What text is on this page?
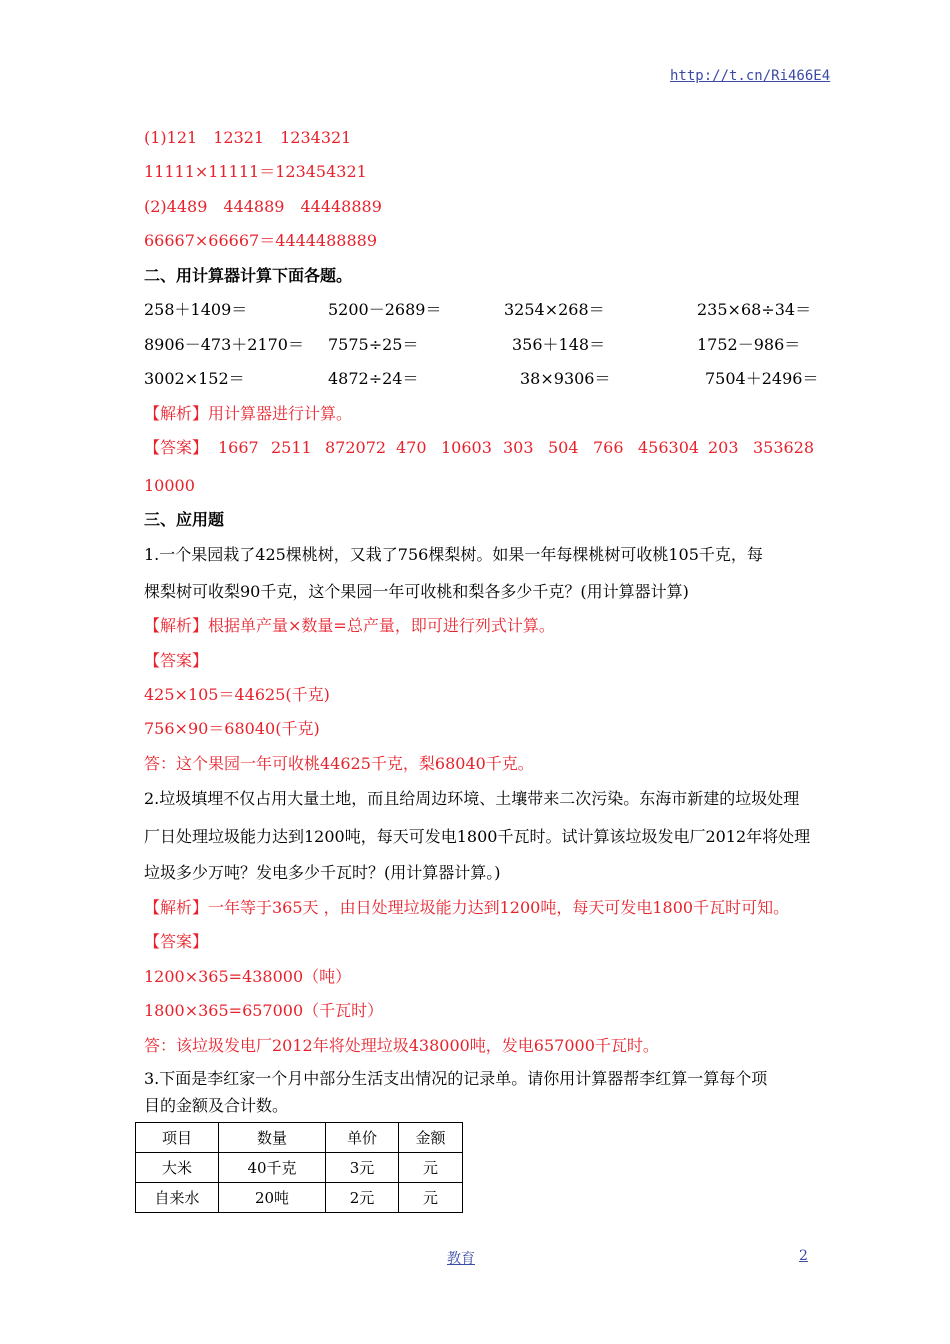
http://t.cn/Ri466E4
(1)121　12321　1234321
11111×11111＝123454321
(2)4489　444889　44448889
66667×66667＝4444488889
二、用计算器计算下面各题。
258＋1409＝	5200－2689＝	3254×268＝	235×68÷34＝
8906－473＋2170＝ 7575÷25＝	356＋148＝	1752－986＝
3002×152＝	4872÷24＝	38×9306＝	7504＋2496＝
【解析】用计算器进行计算。
【答案】 1667 2511 872072 470 10603 303 504 766 456304 203 353628
10000
三、应用题
1.一个果园栽了425棵桃树，又栽了756棵梨树。如果一年每棵桃树可收桃105千克，每
棵梨树可收梨90千克，这个果园一年可收桃和梨各多少千克？(用计算器计算)
【解析】根据单产量×数量=总产量，即可进行列式计算。
【答案】
425×105＝44625(千克)
756×90＝68040(千克)
答：这个果园一年可收桃44625千克，梨68040千克。
2.垃圾填埋不仅占用大量土地，而且给周边环境、土壤带来二次污染。东海市新建的垃圾处理
厂日处理垃圾能力达到1200吨，每天可发电1800千瓦时。试计算该垃圾发电厂2012年将处理
垃圾多少万吨？发电多少千瓦时？(用计算器计算。)
【解析】一年等于365天 ，由日处理垃圾能力达到1200吨，每天可发电1800千瓦时可知。
【答案】
1200×365=438000（吨）
1800×365=657000（千瓦时）
答：该垃圾发电厂2012年将处理垃圾438000吨，发电657000千瓦时。
3.下面是李红家一个月中部分生活支出情况的记录单。请你用计算器帮李红算一算每个项
目的金额及合计数。
项目	数量	单价	金额
大米	40千克	3元	元
自来水	20吨	2元	元
教育	2
